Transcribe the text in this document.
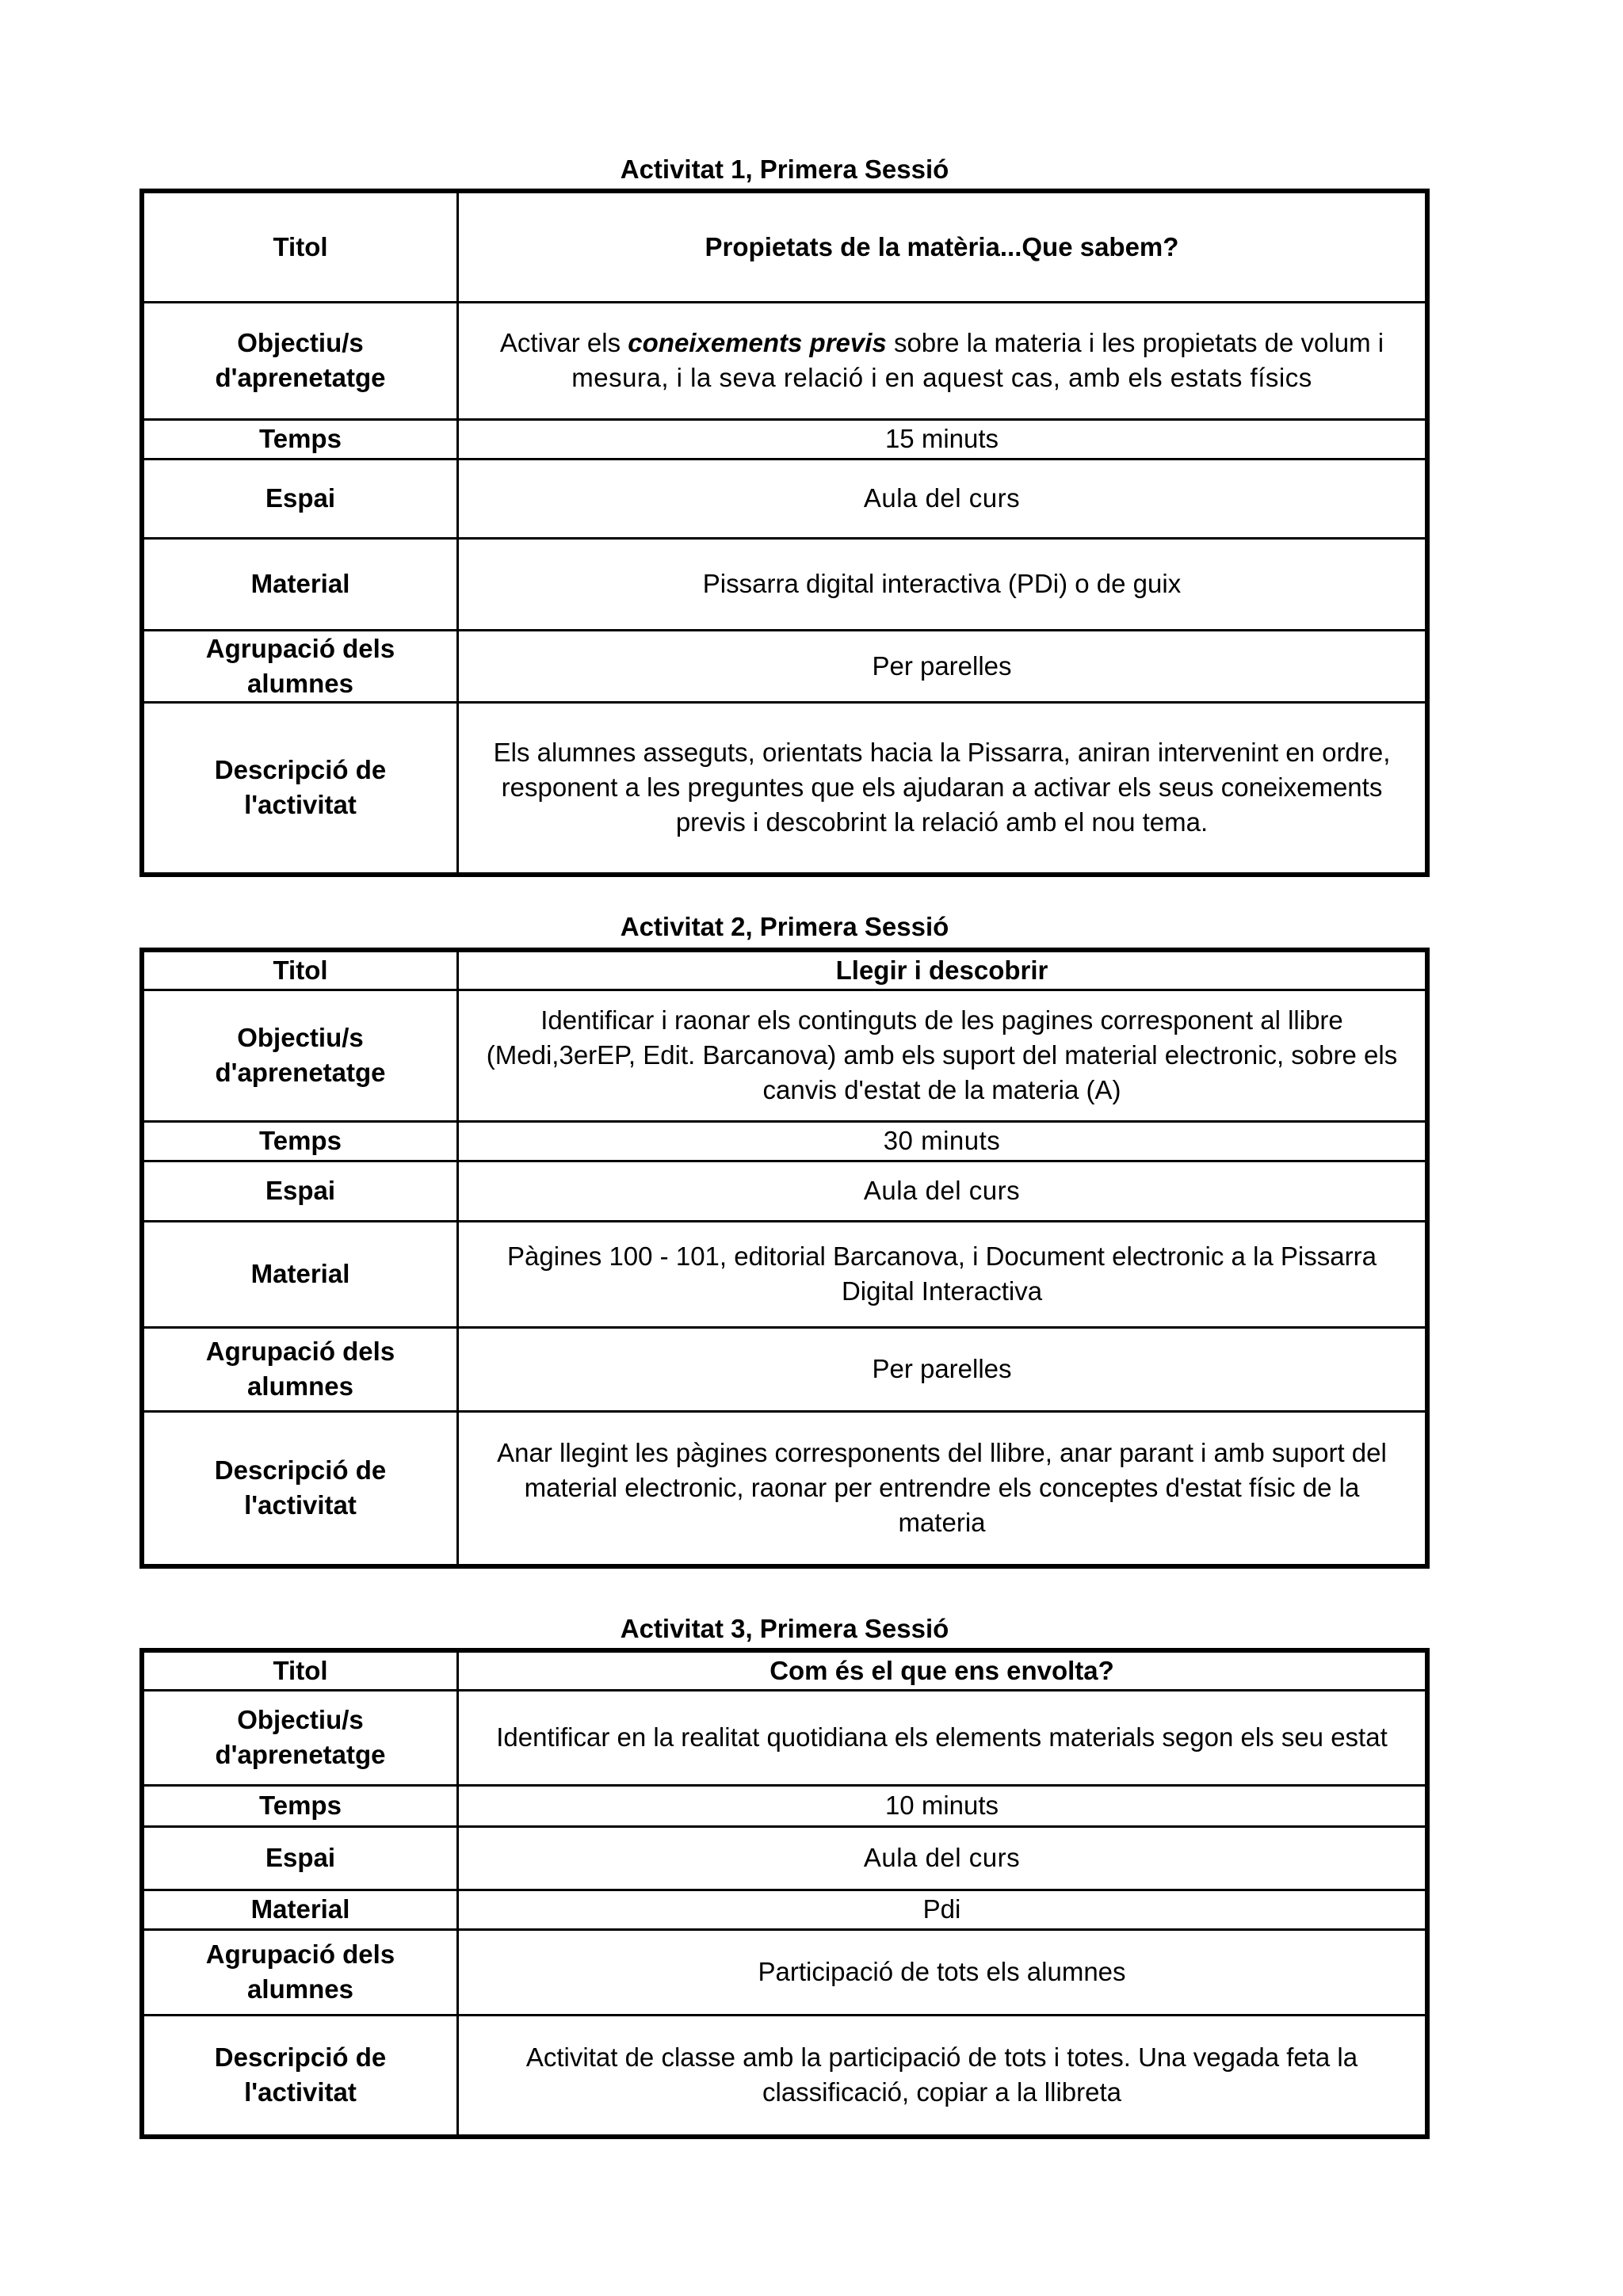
Activitat 1, Primera Sessió
Titol	Propietats de la matèria...Que sabem?
Objectiu/s
d'aprenetatge	Activar els coneixements previs sobre la materia i les propietats de volum i
mesura, i la seva relació i en aquest cas, amb els estats físics
Temps	15 minuts
Espai	Aula del curs
Material	Pissarra digital interactiva (PDi) o de guix
Agrupació dels
alumnes	Per parelles
Descripció de
l'activitat	Els alumnes asseguts, orientats hacia la Pissarra, aniran intervenint en ordre,
responent a les preguntes que els ajudaran a activar els seus coneixements
previs i descobrint la relació amb el nou tema.
Activitat 2, Primera Sessió
Titol	Llegir i descobrir
Objectiu/s
d'aprenetatge	Identificar i raonar els continguts de les pagines corresponent al llibre
(Medi,3erEP, Edit. Barcanova) amb els suport del material electronic, sobre els
canvis d'estat de la materia (A)
Temps	30 minuts
Espai	Aula del curs
Material	Pàgines 100 - 101, editorial Barcanova, i Document electronic a la Pissarra
Digital Interactiva
Agrupació dels
alumnes	Per parelles
Descripció de
l'activitat	Anar llegint les pàgines corresponents del llibre, anar parant i amb suport del
material electronic, raonar per entrendre els conceptes d'estat físic de la
materia
Activitat 3, Primera Sessió
Titol	Com és el que ens envolta?
Objectiu/s
d'aprenetatge	Identificar en la realitat quotidiana els elements materials segon els seu estat
Temps	10 minuts
Espai	Aula del curs
Material	Pdi
Agrupació dels
alumnes	Participació de tots els alumnes
Descripció de
l'activitat	Activitat de classe amb la participació de tots i totes. Una vegada feta la
classificació, copiar a la llibreta
